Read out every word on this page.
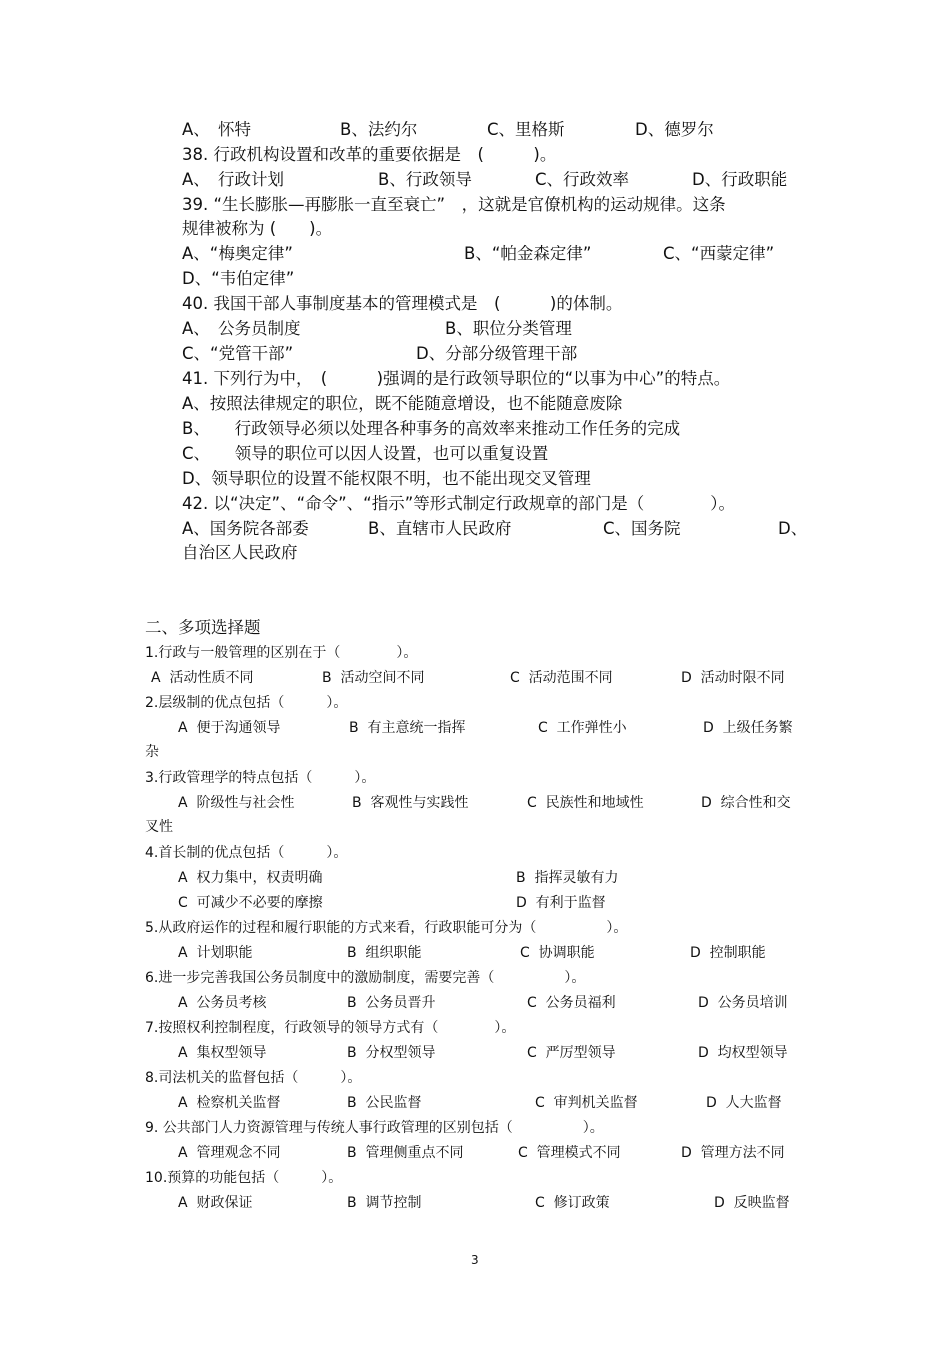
A、　怀特	B、法约尔	C、里格斯	D、德罗尔
38. 行政机构设置和改革的重要依据是　(　　　)。
A、　行政计划	B、行政领导	C、行政效率	D、行政职能
39. “生长膨胀—再膨胀一直至衰亡”　，这就是官僚机构的运动规律。这条
规律被称为 (　　)。
A、“梅奥定律”	B、“帕金森定律”	C、“西蒙定律”
D、“韦伯定律”
40. 我国干部人事制度基本的管理模式是　(　　　)的体制。
A、　公务员制度	B、职位分类管理
C、“党管干部”	D、分部分级管理干部
41. 下列行为中，　(　　　)强调的是行政领导职位的“以事为中心”的特点。
A、按照法律规定的职位，既不能随意增设，也不能随意废除
B、　　行政领导必须以处理各种事务的高效率来推动工作任务的完成
C、　　领导的职位可以因人设置，也可以重复设置
D、领导职位的设置不能权限不明，也不能出现交叉管理
42. 以“决定”、“命令”、“指示”等形式制定行政规章的部门是（　　　　）。
A、国务院各部委	B、直辖市人民政府	C、国务院	D、
自治区人民政府
二、多项选择题
1.行政与一般管理的区别在于（　　　　）。
A  活动性质不同	B  活动空间不同	C  活动范围不同	D  活动时限不同
2.层级制的优点包括（　　　）。
A  便于沟通领导	B  有主意统一指挥	C  工作弹性小	D  上级任务繁
杂
3.行政管理学的特点包括（　　　）。
A  阶级性与社会性	B  客观性与实践性	C  民族性和地域性	D  综合性和交
叉性
4.首长制的优点包括（　　　）。
A  权力集中，权责明确	B  指挥灵敏有力
C  可减少不必要的摩擦	D  有利于监督
5.从政府运作的过程和履行职能的方式来看，行政职能可分为（　　　　　）。
A  计划职能	B  组织职能	C  协调职能	D  控制职能
6.进一步完善我国公务员制度中的激励制度，需要完善（　　　　　）。
A  公务员考核	B  公务员晋升	C  公务员福利	D  公务员培训
7.按照权利控制程度，行政领导的领导方式有（　　　　）。
A  集权型领导	B  分权型领导	C  严厉型领导	D  均权型领导
8.司法机关的监督包括（　　　）。
A  检察机关监督	B  公民监督	C  审判机关监督	D  人大监督
9. 公共部门人力资源管理与传统人事行政管理的区别包括（　　　　　）。
A  管理观念不同	B  管理侧重点不同	C  管理模式不同	D  管理方法不同
10.预算的功能包括（　　　）。
A  财政保证	B  调节控制	C  修订政策	D  反映监督
3
